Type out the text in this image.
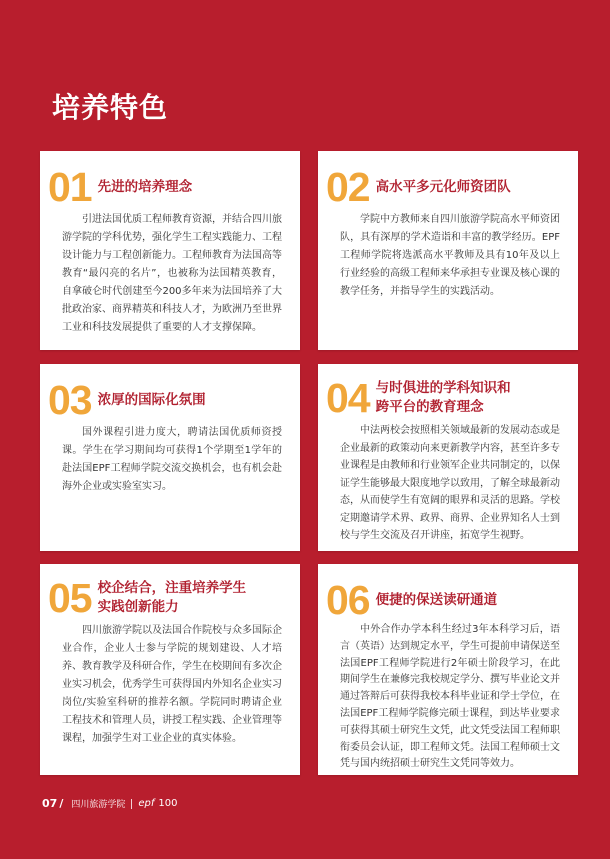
培养特色
01 先进的培养理念
引进法国优质工程师教育资源，并结合四川旅游学院的学科优势，强化学生工程实践能力、工程设计能力与工程创新能力。工程师教育为法国高等教育“最闪亮的名片”，也被称为法国精英教育，自拿破仑时代创建至今200多年来为法国培养了大批政治家、商界精英和科技人才，为欧洲乃至世界工业和科技发展提供了重要的人才支撑保障。
02 高水平多元化师资团队
学院中方教师来自四川旅游学院高水平师资团队，具有深厚的学术造诣和丰富的教学经历。EPF工程师学院将选派高水平教师及具有10年及以上行业经验的高级工程师来华承担专业课及核心课的教学任务，并指导学生的实践活动。
03 浓厚的国际化氛围
国外课程引进力度大，聘请法国优质师资授课。学生在学习期间均可获得1个学期至1学年的赴法国EPF工程师学院交流交换机会，也有机会赴海外企业或实验室实习。
04 与时俱进的学科知识和
跨平台的教育理念
中法两校会按照相关领域最新的发展动态或是企业最新的政策动向来更新教学内容，甚至许多专业课程是由教师和行业领军企业共同制定的，以保证学生能够最大限度地学以致用，了解全球最新动态，从而使学生有宽阔的眼界和灵活的思路。学校定期邀请学术界、政界、商界、企业界知名人士到校与学生交流及召开讲座，拓宽学生视野。
05 校企结合，注重培养学生
实践创新能力
四川旅游学院以及法国合作院校与众多国际企业合作，企业人士参与学院的规划建设、人才培养、教育教学及科研合作，学生在校期间有多次企业实习机会，优秀学生可获得国内外知名企业实习岗位/实验室科研的推荐名额。学院同时聘请企业工程技术和管理人员，讲授工程实践、企业管理等课程，加强学生对工业企业的真实体验。
06 便捷的保送读研通道
中外合作办学本科生经过3年本科学习后，语言（英语）达到规定水平，学生可提前申请保送至法国EPF工程师学院进行2年硕士阶段学习，在此期间学生在兼修完我校规定学分、撰写毕业论文并通过答辩后可获得我校本科毕业证和学士学位，在法国EPF工程师学院修完硕士课程，到达毕业要求可获得其硕士研究生文凭，此文凭受法国工程师职衔委员会认证，即工程师文凭。法国工程师硕士文凭与国内统招硕士研究生文凭同等效力。
07 / 四川旅游学院 epf 100
